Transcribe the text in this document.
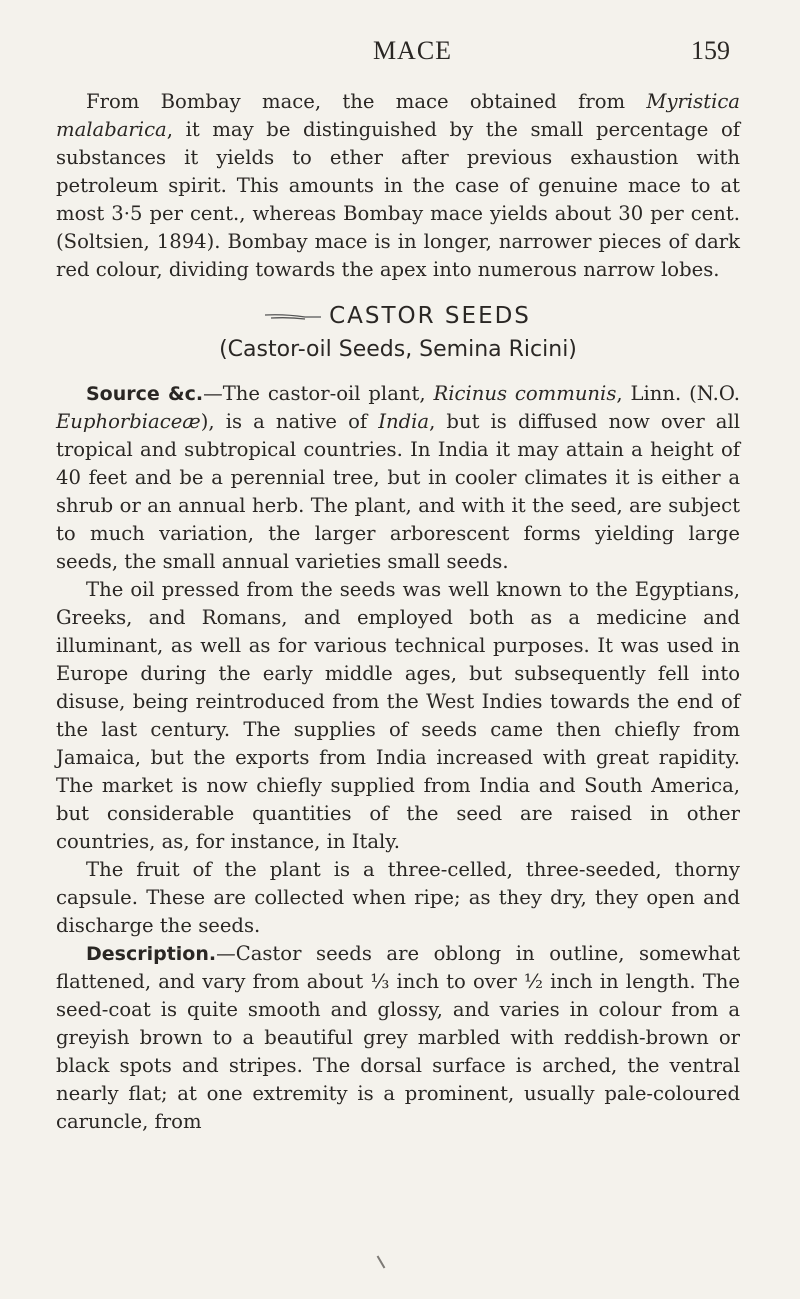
MACE	159

From Bombay mace, the mace obtained from Myristica malabarica, it may be distinguished by the small percentage of substances it yields to ether after previous exhaustion with petroleum spirit. This amounts in the case of genuine mace to at most 3·5 per cent., whereas Bombay mace yields about 30 per cent. (Soltsien, 1894). Bombay mace is in longer, narrower pieces of dark red colour, dividing towards the apex into numerous narrow lobes.

CASTOR SEEDS
(Castor-oil Seeds, Semina Ricini)

Source &c.—The castor-oil plant, Ricinus communis, Linn. (N.O. Euphorbiaceæ), is a native of India, but is diffused now over all tropical and subtropical countries. In India it may attain a height of 40 feet and be a perennial tree, but in cooler climates it is either a shrub or an annual herb. The plant, and with it the seed, are subject to much variation, the larger arborescent forms yielding large seeds, the small annual varieties small seeds.

The oil pressed from the seeds was well known to the Egyptians, Greeks, and Romans, and employed both as a medicine and illuminant, as well as for various technical purposes. It was used in Europe during the early middle ages, but subsequently fell into disuse, being reintroduced from the West Indies towards the end of the last century. The supplies of seeds came then chiefly from Jamaica, but the exports from India increased with great rapidity. The market is now chiefly supplied from India and South America, but considerable quantities of the seed are raised in other countries, as, for instance, in Italy.

The fruit of the plant is a three-celled, three-seeded, thorny capsule. These are collected when ripe; as they dry, they open and discharge the seeds.

Description.—Castor seeds are oblong in outline, somewhat flattened, and vary from about ⅓ inch to over ½ inch in length. The seed-coat is quite smooth and glossy, and varies in colour from a greyish brown to a beautiful grey marbled with reddish-brown or black spots and stripes. The dorsal surface is arched, the ventral nearly flat; at one extremity is a prominent, usually pale-coloured caruncle, from
